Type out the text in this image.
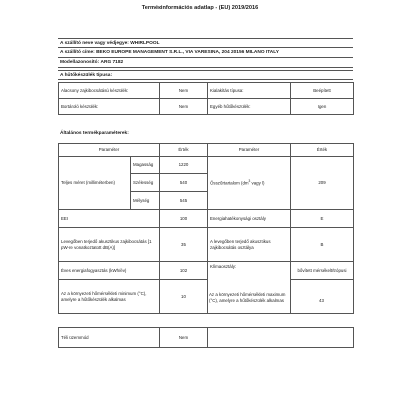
Terméкinformációs adatlap - (EU) 2019/2016
A szállító neve vagy védjegye:
WHIRLPOOL
A szállító címe:
BEKO EUROPE MANAGEMENT S.R.L., VIA VARESINA, 204 20156 MILANO ITALY
Modellazonosító:
ARG 7182
A hűtőkészülék típusa:
Alacsony zajkibocsátású készülék:	Nem	Kialakítás típusa:	Beépített
Bortároló készülék:	Nem	Egyéb hűtőkészülék:	Igen
Általános termékparaméterek:
Paraméter		Érték	Paraméter	Érték
Teljes méret (milliméterben)	Magasság	1220	Összűrtartalom ($dm^3$ vagy l)	209
	Szélesség	540		
	Mélység	545		
EEI		100	Energiahatékonysági osztály	E
Levegőben terjedő akusztikus zajkibocsátás [1 pW-re vonatkoztatott dB(A)]		35	A levegőben terjedő akusztikus zajkibocsátás osztálya	B
Éves energiafogyasztás (kWh/év)		102	Klímaosztály:	bővített mérsékelt/trópusi
Az a környezeti hőmérsékleti minimum (°C), amelyre a hűtőkészülék alkalmas		10			Az a környezeti hőmérsékleti maximum (°C), amelyre a hűtőkészülék alkalmas	43
Téli üzemmód	Nem	
